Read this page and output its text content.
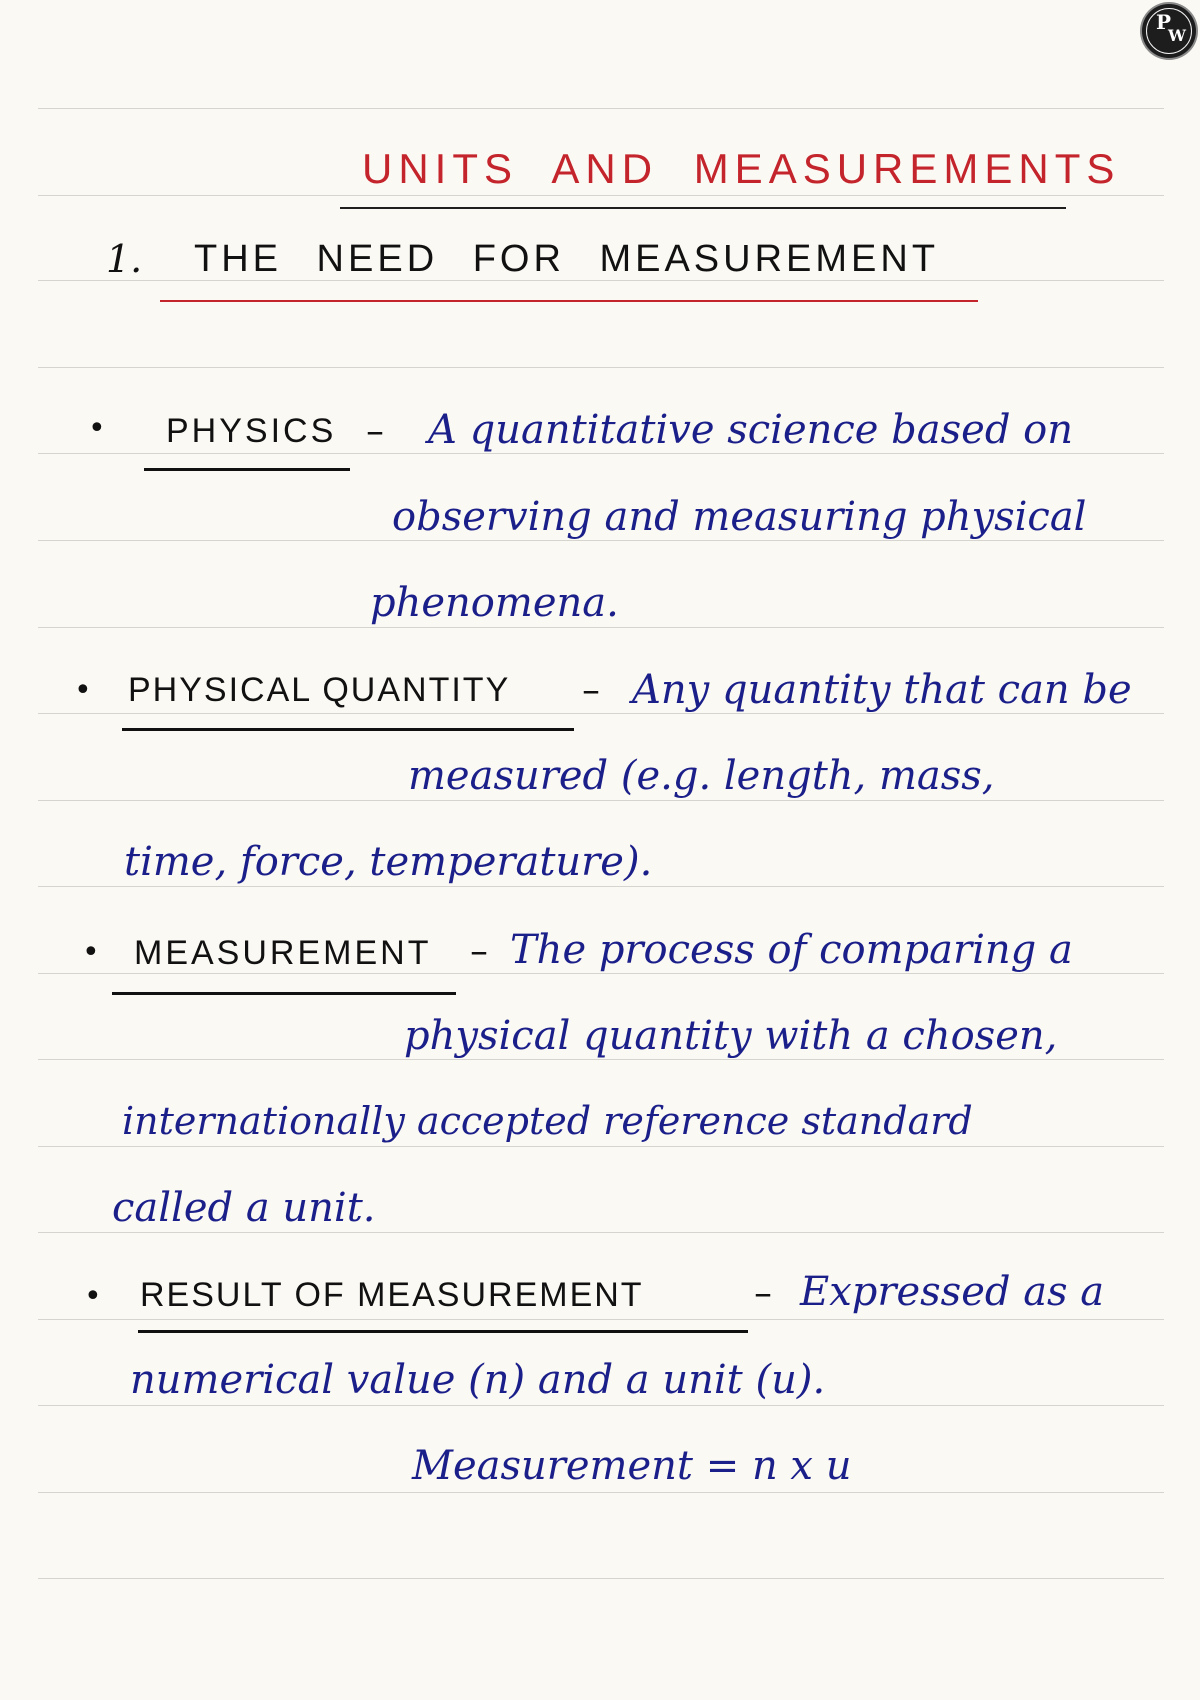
P
W
UNITS AND MEASUREMENTS
1. THE NEED FOR MEASUREMENT
• PHYSICS – A quantitative science based on
observing and measuring physical
phenomena.
• PHYSICAL QUANTITY – Any quantity that can be
measured (e.g. length, mass,
time, force, temperature).
• MEASUREMENT – The process of comparing a
physical quantity with a chosen,
internationally accepted reference standard
called a unit.
• RESULT OF MEASUREMENT	– Expressed as a
numerical value (n) and a unit (u).
Measurement = n x u
